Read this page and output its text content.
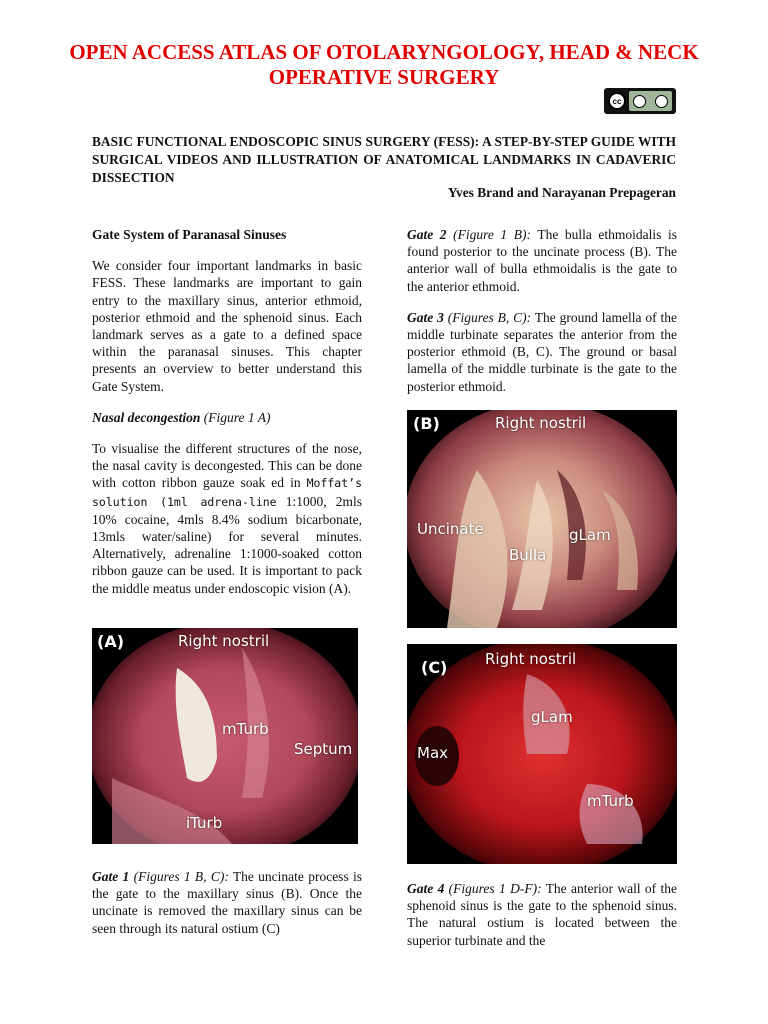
OPEN ACCESS ATLAS OF OTOLARYNGOLOGY, HEAD & NECK OPERATIVE SURGERY
cc
BASIC FUNCTIONAL ENDOSCOPIC SINUS SURGERY (FESS): A STEP-BY-STEP GUIDE WITH SURGICAL VIDEOS AND ILLUSTRATION OF ANATOMICAL LANDMARKS IN CADAVERIC DISSECTION
Yves Brand and Narayanan Prepageran

Gate System of Paranasal Sinuses

We consider four important landmarks in basic FESS. These landmarks are important to gain entry to the maxillary sinus, anterior ethmoid, posterior ethmoid and the sphenoid sinus. Each landmark serves as a gate to a defined space within the paranasal sinuses. This chapter presents an overview to better understand this Gate System.

Nasal decongestion (Figure 1 A)

To visualise the different structures of the nose, the nasal cavity is decongested. This can be done with cotton ribbon gauze soak ed in Moffat’s solution (1ml adrena-line 1:1000, 2mls 10% cocaine, 4mls 8.4% sodium bicarbonate, 13mls water/saline) for several minutes. Alternatively, adrenaline 1:1000-soaked cotton ribbon gauze can be used. It is important to pack the middle meatus under endoscopic vision (A).

Gate 2 (Figure 1 B): The bulla ethmoidalis is found posterior to the uncinate process (B). The anterior wall of bulla ethmoidalis is the gate to the anterior ethmoid.

Gate 3 (Figures B, C): The ground lamella of the middle turbinate separates the anterior from the posterior ethmoid (B, C). The ground or basal lamella of the middle turbinate is the gate to the posterior ethmoid.

(B)	Right nostril
Uncinate
Bulla
gLam
(A)	Right nostril
mTurb
Septum
iTurb
(C)	Right nostril
gLam
Max
mTurb

Gate 1 (Figures 1 B, C): The uncinate process is the gate to the maxillary sinus (B). Once the uncinate is removed the maxillary sinus can be seen through its natural ostium (C)

Gate 4 (Figures 1 D-F): The anterior wall of the sphenoid sinus is the gate to the sphenoid sinus. The natural ostium is located between the superior turbinate and the
